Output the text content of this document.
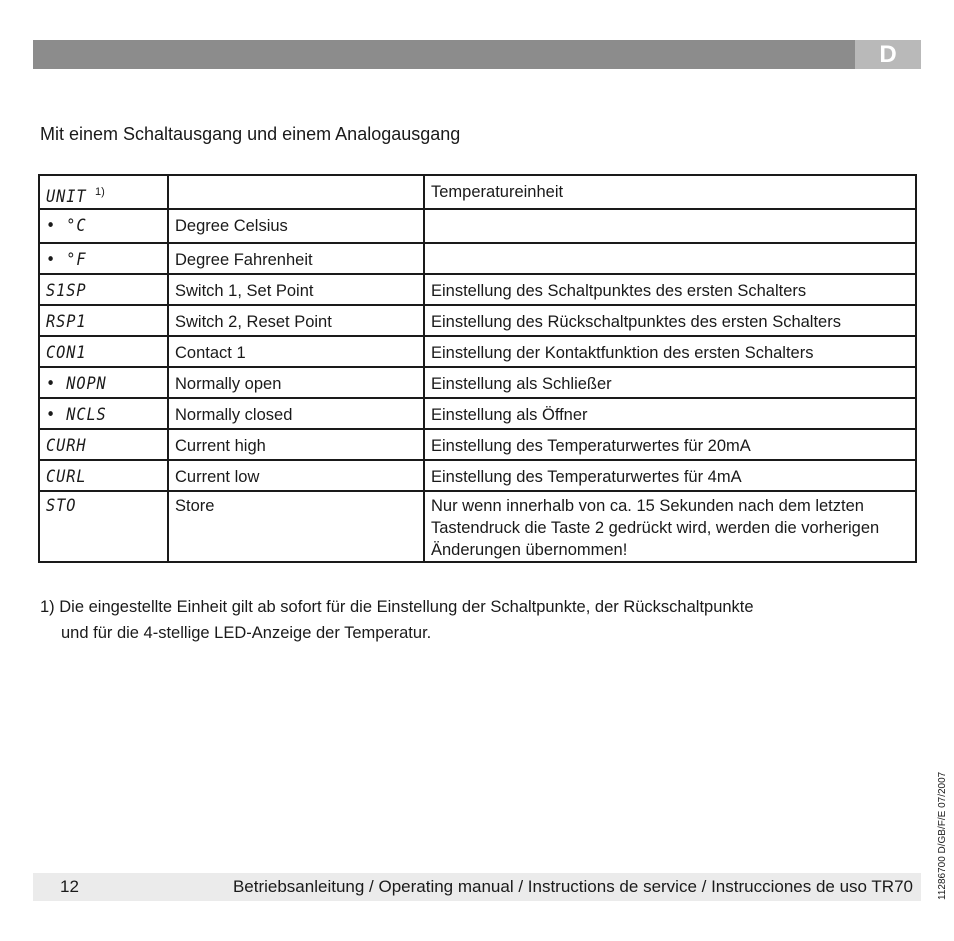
D
Mit einem Schaltausgang und einem Analogausgang
UNIT $^{1)}$		Temperatureinheit
• °C	Degree Celsius	
• °F	Degree Fahrenheit	
S1SP	Switch 1, Set Point	Einstellung des Schaltpunktes des ersten Schalters
RSP1	Switch 2, Reset Point	Einstellung des Rückschaltpunktes des ersten Schalters
CON1	Contact 1	Einstellung der Kontaktfunktion des ersten Schalters
• NOPN	Normally open	Einstellung als Schließer
• NCLS	Normally closed	Einstellung als Öffner
CURH	Current high	Einstellung des Temperaturwertes für 20mA
CURL	Current low	Einstellung des Temperaturwertes für 4mA
STO	Store	Nur wenn innerhalb von ca. 15 Sekunden nach dem letzten Tastendruck die Taste 2 gedrückt wird, werden die vorherigen Änderungen übernommen!
1) Die eingestellte Einheit gilt ab sofort für die Einstellung der Schaltpunkte, der Rückschaltpunkte
und für die 4-stellige LED-Anzeige der Temperatur.
12	Betriebsanleitung / Operating manual / Instructions de service / Instrucciones de uso TR70 11286700 D/GB/F/E 07/2007
